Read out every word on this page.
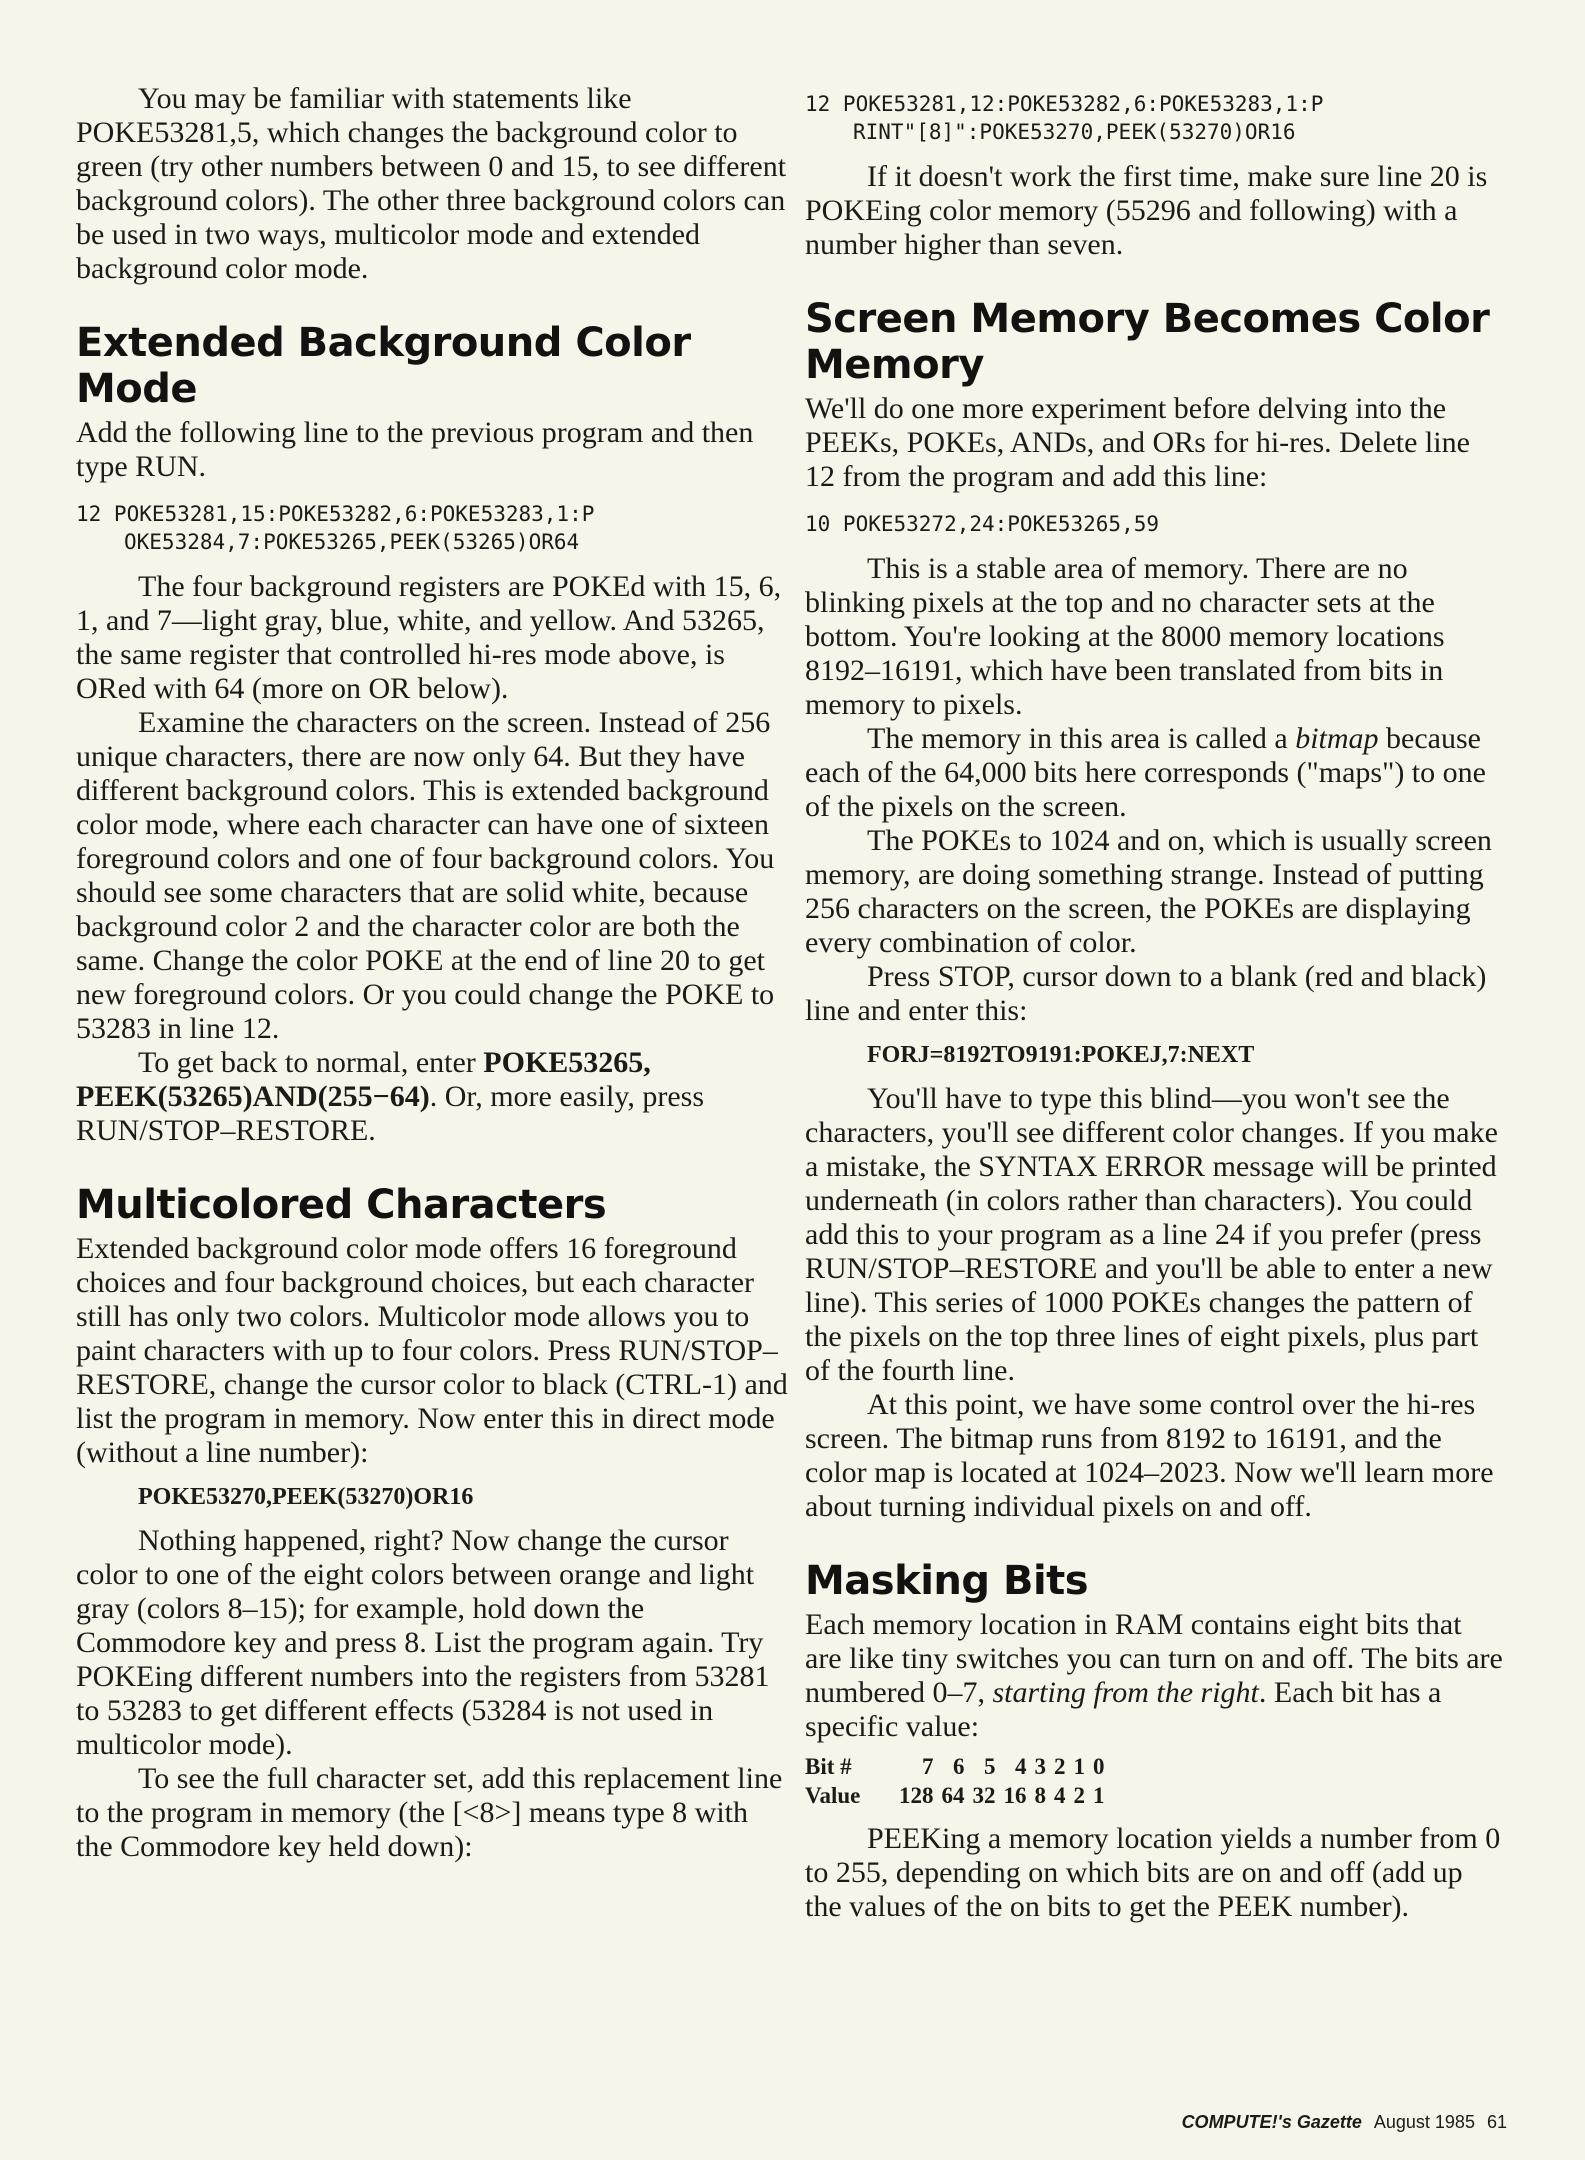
You may be familiar with statements like POKE53281,5, which changes the background color to green (try other numbers between 0 and 15, to see different background colors). The other three background colors can be used in two ways, multicolor mode and extended background color mode.

Extended Background Color Mode

Add the following line to the previous program and then type RUN.

12 POKE53281,15:POKE53282,6:POKE53283,1:P
OKE53284,7:POKE53265,PEEK(53265)OR64

The four background registers are POKEd with 15, 6, 1, and 7—light gray, blue, white, and yellow. And 53265, the same register that controlled hi-res mode above, is ORed with 64 (more on OR below).

Examine the characters on the screen. Instead of 256 unique characters, there are now only 64. But they have different background colors. This is extended background color mode, where each character can have one of sixteen foreground colors and one of four background colors. You should see some characters that are solid white, because background color 2 and the character color are both the same. Change the color POKE at the end of line 20 to get new foreground colors. Or you could change the POKE to 53283 in line 12.

To get back to normal, enter POKE53265, PEEK(53265)AND(255−64). Or, more easily, press RUN/STOP–RESTORE.

Multicolored Characters

Extended background color mode offers 16 foreground choices and four background choices, but each character still has only two colors. Multicolor mode allows you to paint characters with up to four colors. Press RUN/STOP–RESTORE, change the cursor color to black (CTRL-1) and list the program in memory. Now enter this in direct mode (without a line number):

POKE53270,PEEK(53270)OR16

Nothing happened, right? Now change the cursor color to one of the eight colors between orange and light gray (colors 8–15); for example, hold down the Commodore key and press 8. List the program again. Try POKEing different numbers into the registers from 53281 to 53283 to get different effects (53284 is not used in multicolor mode).

To see the full character set, add this replacement line to the program in memory (the [<8>] means type 8 with the Commodore key held down):

12 POKE53281,12:POKE53282,6:POKE53283,1:P
RINT"[8]":POKE53270,PEEK(53270)OR16

If it doesn't work the first time, make sure line 20 is POKEing color memory (55296 and following) with a number higher than seven.

Screen Memory Becomes Color Memory

We'll do one more experiment before delving into the PEEKs, POKEs, ANDs, and ORs for hi-res. Delete line 12 from the program and add this line:

10 POKE53272,24:POKE53265,59

This is a stable area of memory. There are no blinking pixels at the top and no character sets at the bottom. You're looking at the 8000 memory locations 8192–16191, which have been translated from bits in memory to pixels.

The memory in this area is called a bitmap because each of the 64,000 bits here corresponds ("maps") to one of the pixels on the screen.

The POKEs to 1024 and on, which is usually screen memory, are doing something strange. Instead of putting 256 characters on the screen, the POKEs are displaying every combination of color.

Press STOP, cursor down to a blank (red and black) line and enter this:

FORJ=8192TO9191:POKEJ,7:NEXT

You'll have to type this blind—you won't see the characters, you'll see different color changes. If you make a mistake, the SYNTAX ERROR message will be printed underneath (in colors rather than characters). You could add this to your program as a line 24 if you prefer (press RUN/STOP–RESTORE and you'll be able to enter a new line). This series of 1000 POKEs changes the pattern of the pixels on the top three lines of eight pixels, plus part of the fourth line.

At this point, we have some control over the hi-res screen. The bitmap runs from 8192 to 16191, and the color map is located at 1024–2023. Now we'll learn more about turning individual pixels on and off.

Masking Bits

Each memory location in RAM contains eight bits that are like tiny switches you can turn on and off. The bits are numbered 0–7, starting from the right. Each bit has a specific value:

Bit #	7	6	5	4	3	2	1	0
Value	128	64	32	16	8	4	2	1

PEEKing a memory location yields a number from 0 to 255, depending on which bits are on and off (add up the values of the on bits to get the PEEK number).

COMPUTE!'s Gazette August 1985 61
